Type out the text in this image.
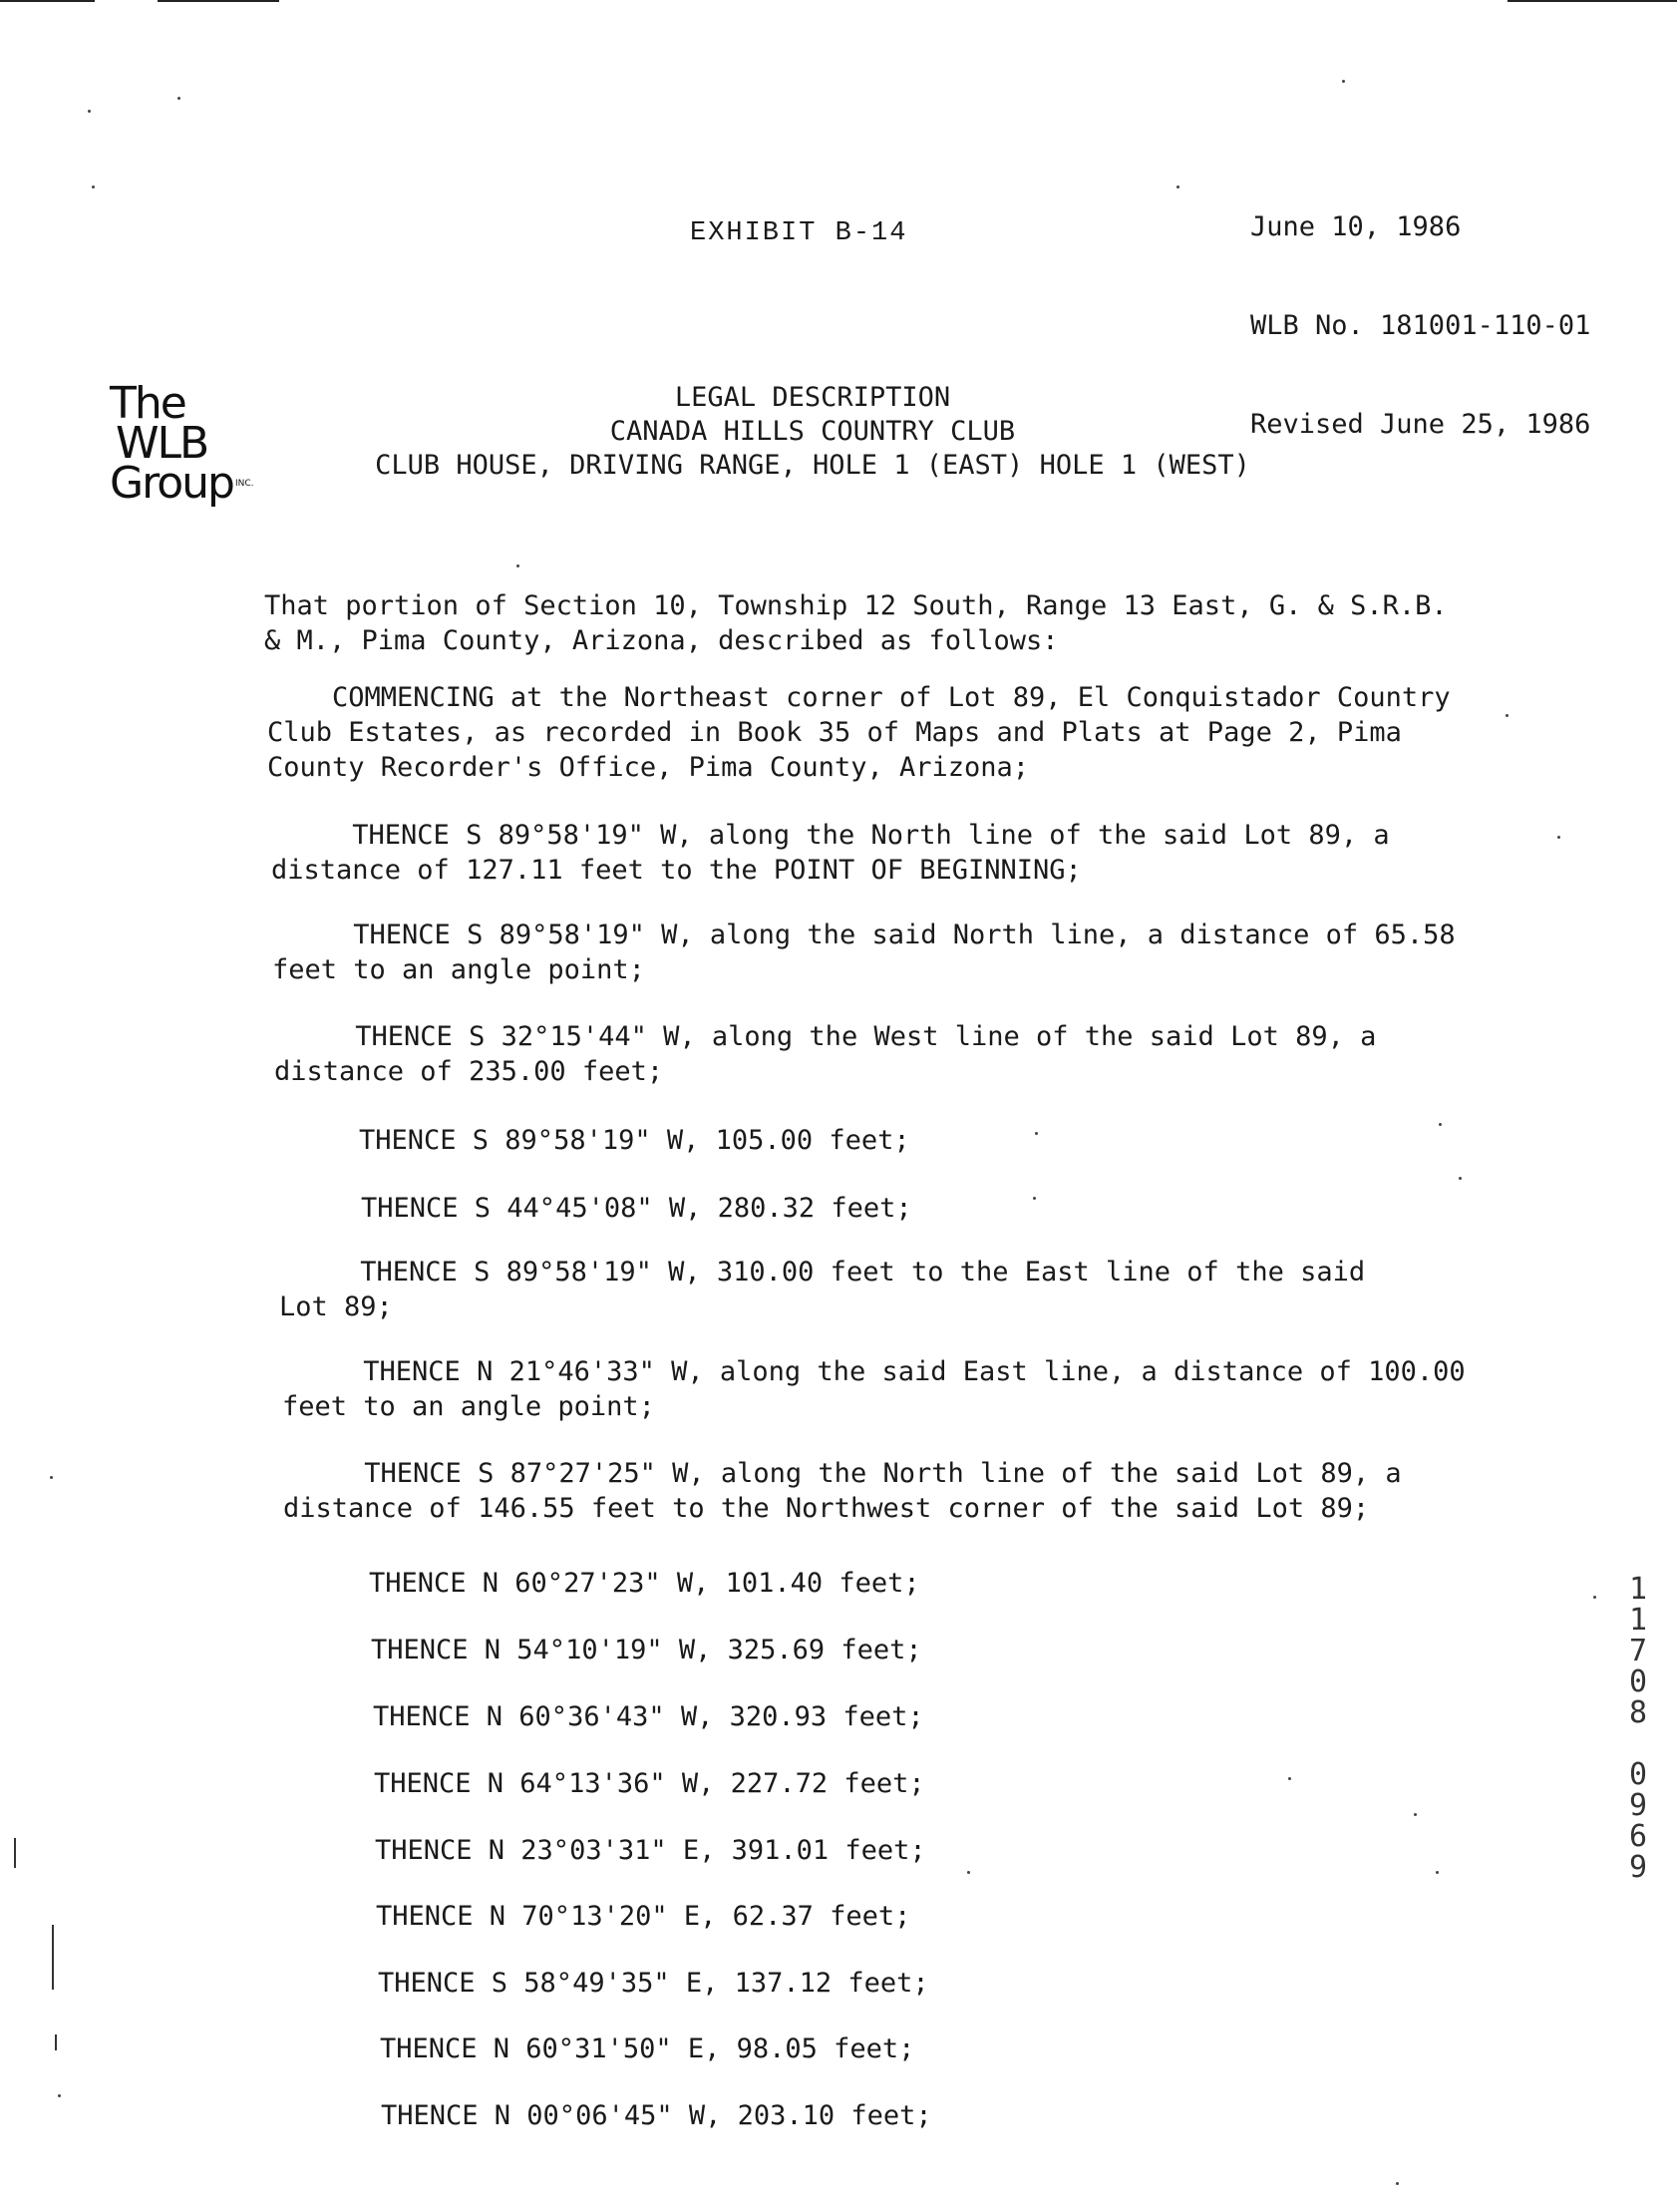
June 10, 1986

WLB No. 181001-110-01

Revised June 25, 1986

EXHIBIT B-14
The
WLB
Group INC.
LEGAL DESCRIPTION
CANADA HILLS COUNTRY CLUB
CLUB HOUSE, DRIVING RANGE, HOLE 1 (EAST) HOLE 1 (WEST)
That portion of Section 10, Township 12 South, Range 13 East, G. & S.R.B.
& M., Pima County, Arizona, described as follows:
COMMENCING at the Northeast corner of Lot 89, El Conquistador Country
Club Estates, as recorded in Book 35 of Maps and Plats at Page 2, Pima
County Recorder's Office, Pima County, Arizona;
THENCE S 89°58'19" W, along the North line of the said Lot 89, a
distance of 127.11 feet to the POINT OF BEGINNING;
THENCE S 89°58'19" W, along the said North line, a distance of 65.58
feet to an angle point;
THENCE S 32°15'44" W, along the West line of the said Lot 89, a
distance of 235.00 feet;
THENCE S 89°58'19" W, 105.00 feet;
THENCE S 44°45'08" W, 280.32 feet;
THENCE S 89°58'19" W, 310.00 feet to the East line of the said
Lot 89;
THENCE N 21°46'33" W, along the said East line, a distance of 100.00
feet to an angle point;
THENCE S 87°27'25" W, along the North line of the said Lot 89, a
distance of 146.55 feet to the Northwest corner of the said Lot 89;
THENCE N 60°27'23" W, 101.40 feet;
THENCE N 54°10'19" W, 325.69 feet;
THENCE N 60°36'43" W, 320.93 feet;
THENCE N 64°13'36" W, 227.72 feet;
THENCE N 23°03'31" E, 391.01 feet;
THENCE N 70°13'20" E, 62.37 feet;
THENCE S 58°49'35" E, 137.12 feet;
THENCE N 60°31'50" E, 98.05 feet;
THENCE N 00°06'45" W, 203.10 feet;
1
1
7
0
8
0
9
6
9
